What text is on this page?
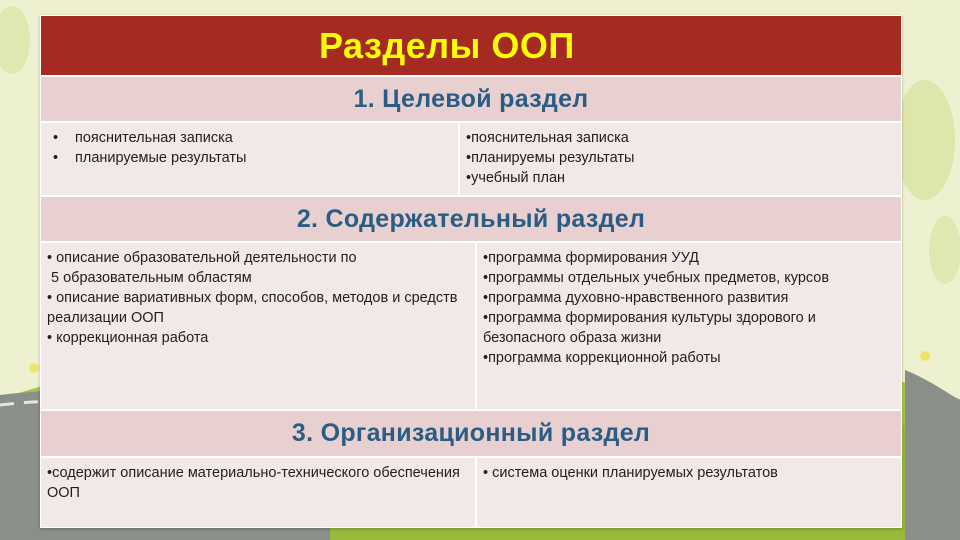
Разделы ООП
1. Целевой раздел
• пояснительная записка
• планируемые результаты
•пояснительная записка
•планируемы результаты
•учебный план
2. Содержательный раздел
• описание образовательной деятельности по
5 образовательным областям
• описание вариативных форм, способов, методов и средств реализации ООП
• коррекционная работа
•программа формирования УУД
•программы отдельных учебных предметов, курсов
•программа духовно-нравственного развития
•программа формирования культуры здорового и безопасного образа жизни
•программа коррекционной работы
3. Организационный раздел
•содержит описание материально-технического обеспечения ООП
• система оценки планируемых результатов
